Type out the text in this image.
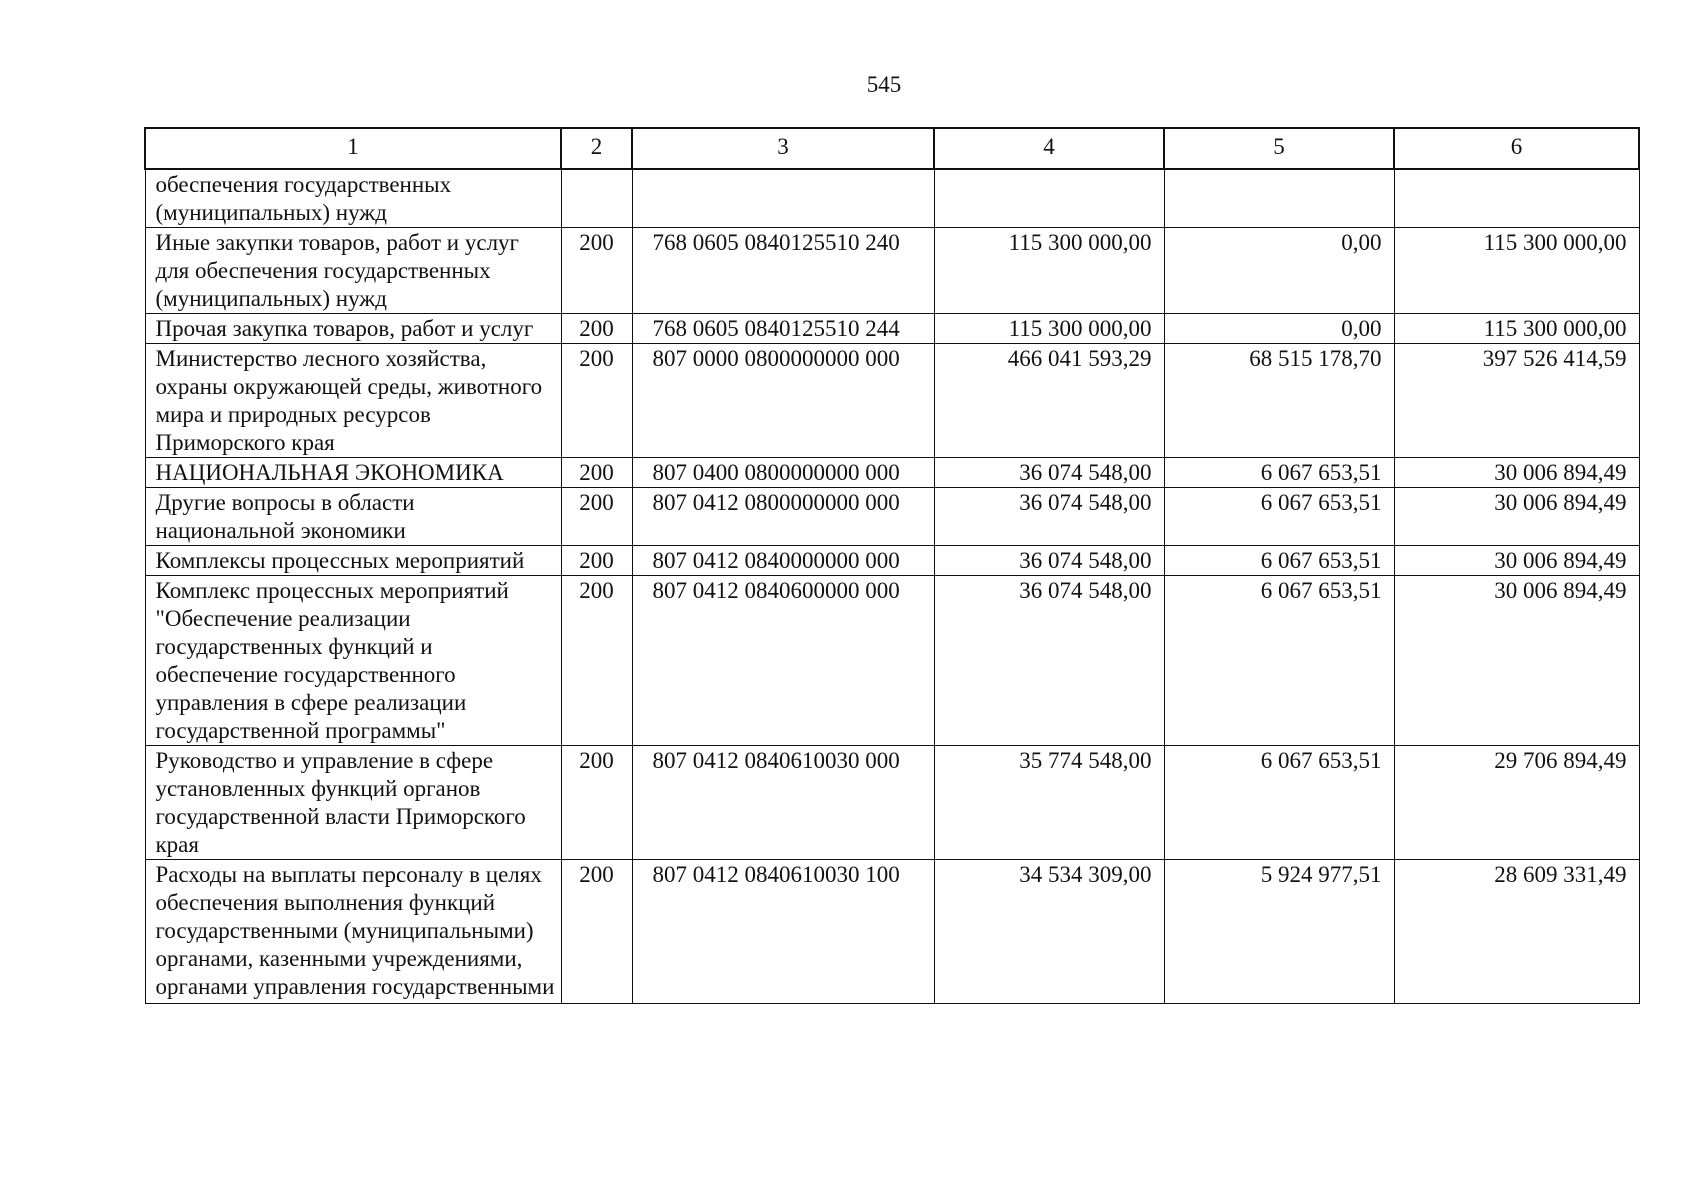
545
1	2	3	4	5	6
обеспечения государственных (муниципальных) нужд					
Иные закупки товаров, работ и услуг для обеспечения государственных (муниципальных) нужд	200	768 0605 0840125510 240	115 300 000,00	0,00	115 300 000,00
Прочая закупка товаров, работ и услуг	200	768 0605 0840125510 244	115 300 000,00	0,00	115 300 000,00
Министерство лесного хозяйства, охраны окружающей среды, животного мира и природных ресурсов Приморского края	200	807 0000 0800000000 000	466 041 593,29	68 515 178,70	397 526 414,59
НАЦИОНАЛЬНАЯ ЭКОНОМИКА	200	807 0400 0800000000 000	36 074 548,00	6 067 653,51	30 006 894,49
Другие вопросы в области национальной экономики	200	807 0412 0800000000 000	36 074 548,00	6 067 653,51	30 006 894,49
Комплексы процессных мероприятий	200	807 0412 0840000000 000	36 074 548,00	6 067 653,51	30 006 894,49
Комплекс процессных мероприятий "Обеспечение реализации государственных функций и обеспечение государственного управления в сфере реализации государственной программы"	200	807 0412 0840600000 000	36 074 548,00	6 067 653,51	30 006 894,49
Руководство и управление в сфере установленных функций органов государственной власти Приморского края	200	807 0412 0840610030 000	35 774 548,00	6 067 653,51	29 706 894,49
Расходы на выплаты персоналу в целях обеспечения выполнения функций государственными (муниципальными) органами, казенными учреждениями, органами управления государственными	200	807 0412 0840610030 100	34 534 309,00	5 924 977,51	28 609 331,49
